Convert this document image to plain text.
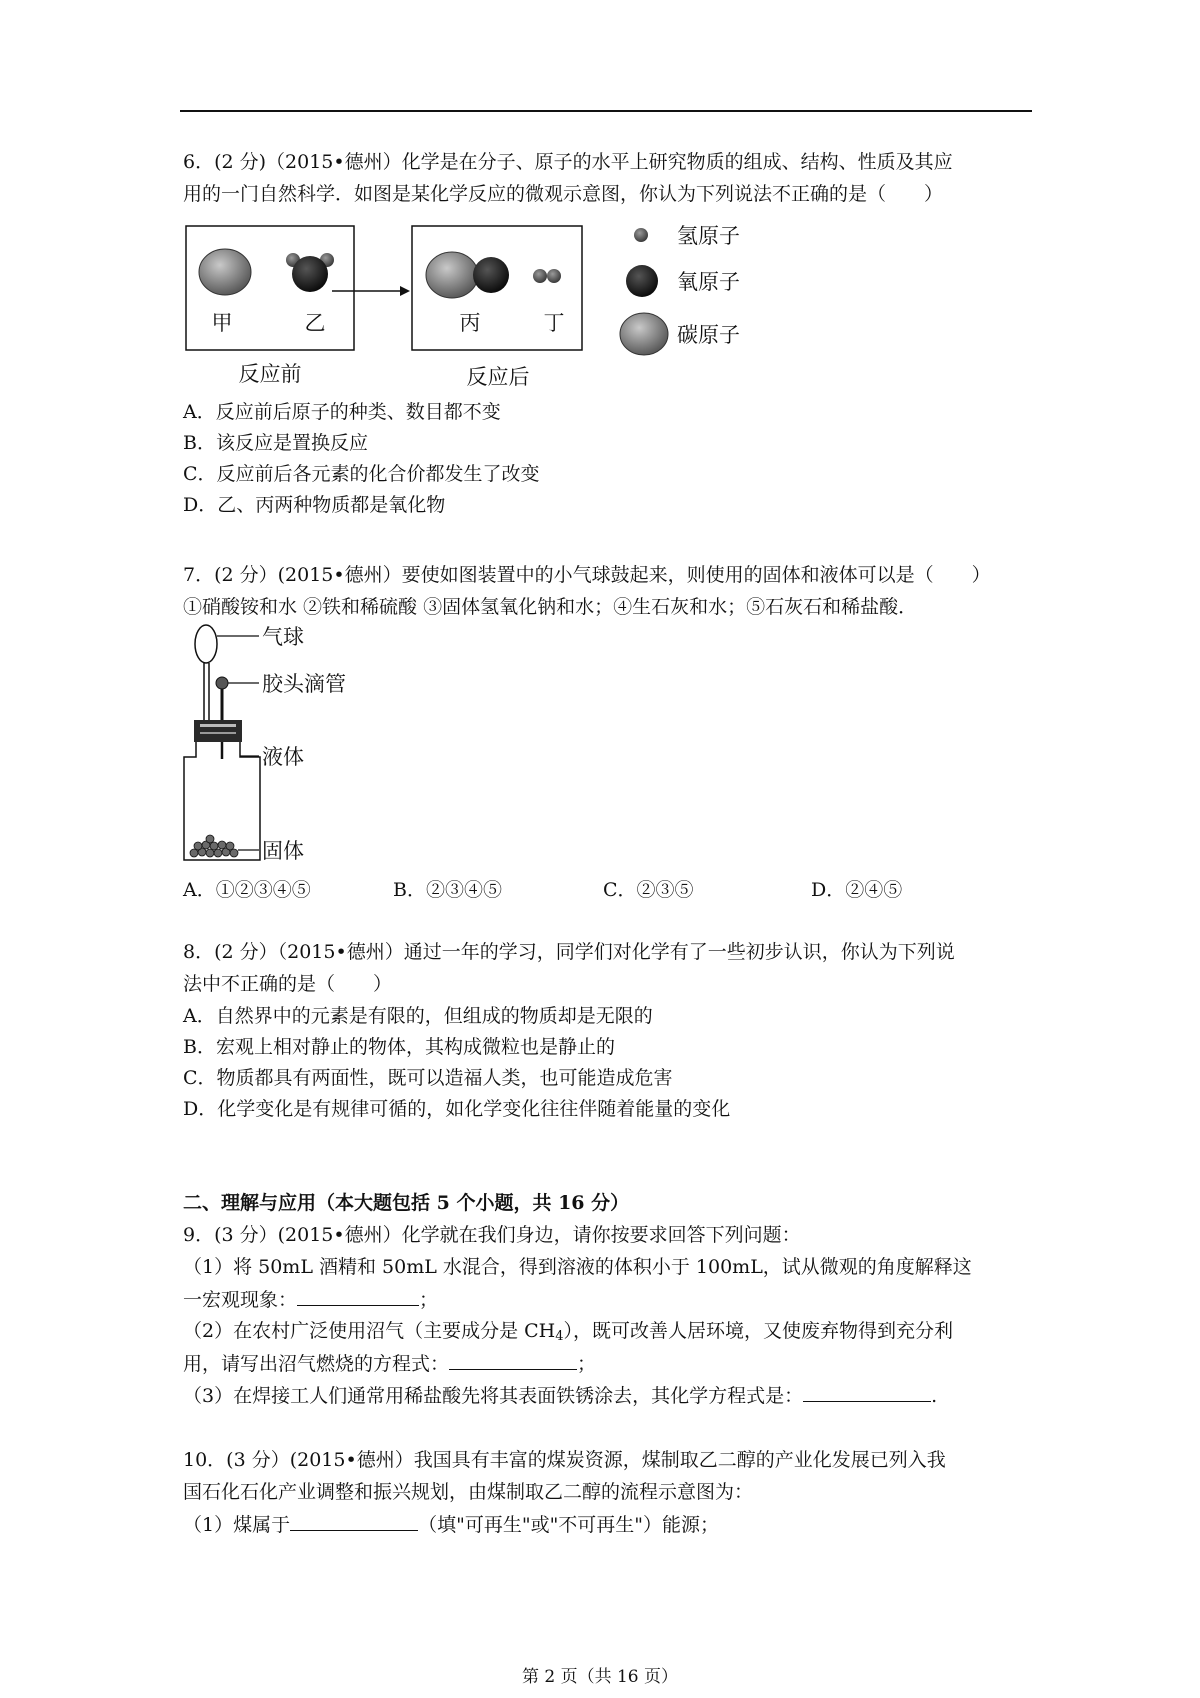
6．(2 分)（2015•德州）化学是在分子、原子的水平上研究物质的组成、结构、性质及其应
用的一门自然科学．如图是某化学反应的微观示意图，你认为下列说法不正确的是（　　）
甲	乙	丙	丁
反应前	反应后
氢原子
氧原子
碳原子
A．反应前后原子的种类、数目都不变
B．该反应是置换反应
C．反应前后各元素的化合价都发生了改变
D．乙、丙两种物质都是氧化物
7．(2 分）(2015•德州）要使如图装置中的小气球鼓起来，则使用的固体和液体可以是（　　）
①硝酸铵和水 ②铁和稀硫酸 ③固体氢氧化钠和水；④生石灰和水；⑤石灰石和稀盐酸．
气球
胶头滴管
液体
固体
A．①②③④⑤	B．②③④⑤	C．②③⑤	D．②④⑤
8．(2 分）（2015•德州）通过一年的学习，同学们对化学有了一些初步认识，你认为下列说
法中不正确的是（　　）
A．自然界中的元素是有限的，但组成的物质却是无限的
B．宏观上相对静止的物体，其构成微粒也是静止的
C．物质都具有两面性，既可以造福人类，也可能造成危害
D．化学变化是有规律可循的，如化学变化往往伴随着能量的变化
二、理解与应用（本大题包括 5 个小题，共 16 分）
9．(3 分）(2015•德州）化学就在我们身边，请你按要求回答下列问题：
（1）将 50mL 酒精和 50mL 水混合，得到溶液的体积小于 100mL，试从微观的角度解释这
一宏观现象：	；
（2）在农村广泛使用沼气（主要成分是 $CH_4$），既可改善人居环境，又使废弃物得到充分利
用，请写出沼气燃烧的方程式：	；
（3）在焊接工人们通常用稀盐酸先将其表面铁锈涂去，其化学方程式是：	.
10．(3 分）(2015•德州）我国具有丰富的煤炭资源，煤制取乙二醇的产业化发展已列入我
国石化石化产业调整和振兴规划，由煤制取乙二醇的流程示意图为：
（1）煤属于	（填"可再生"或"不可再生"）能源；
第 2 页（共 16 页）
